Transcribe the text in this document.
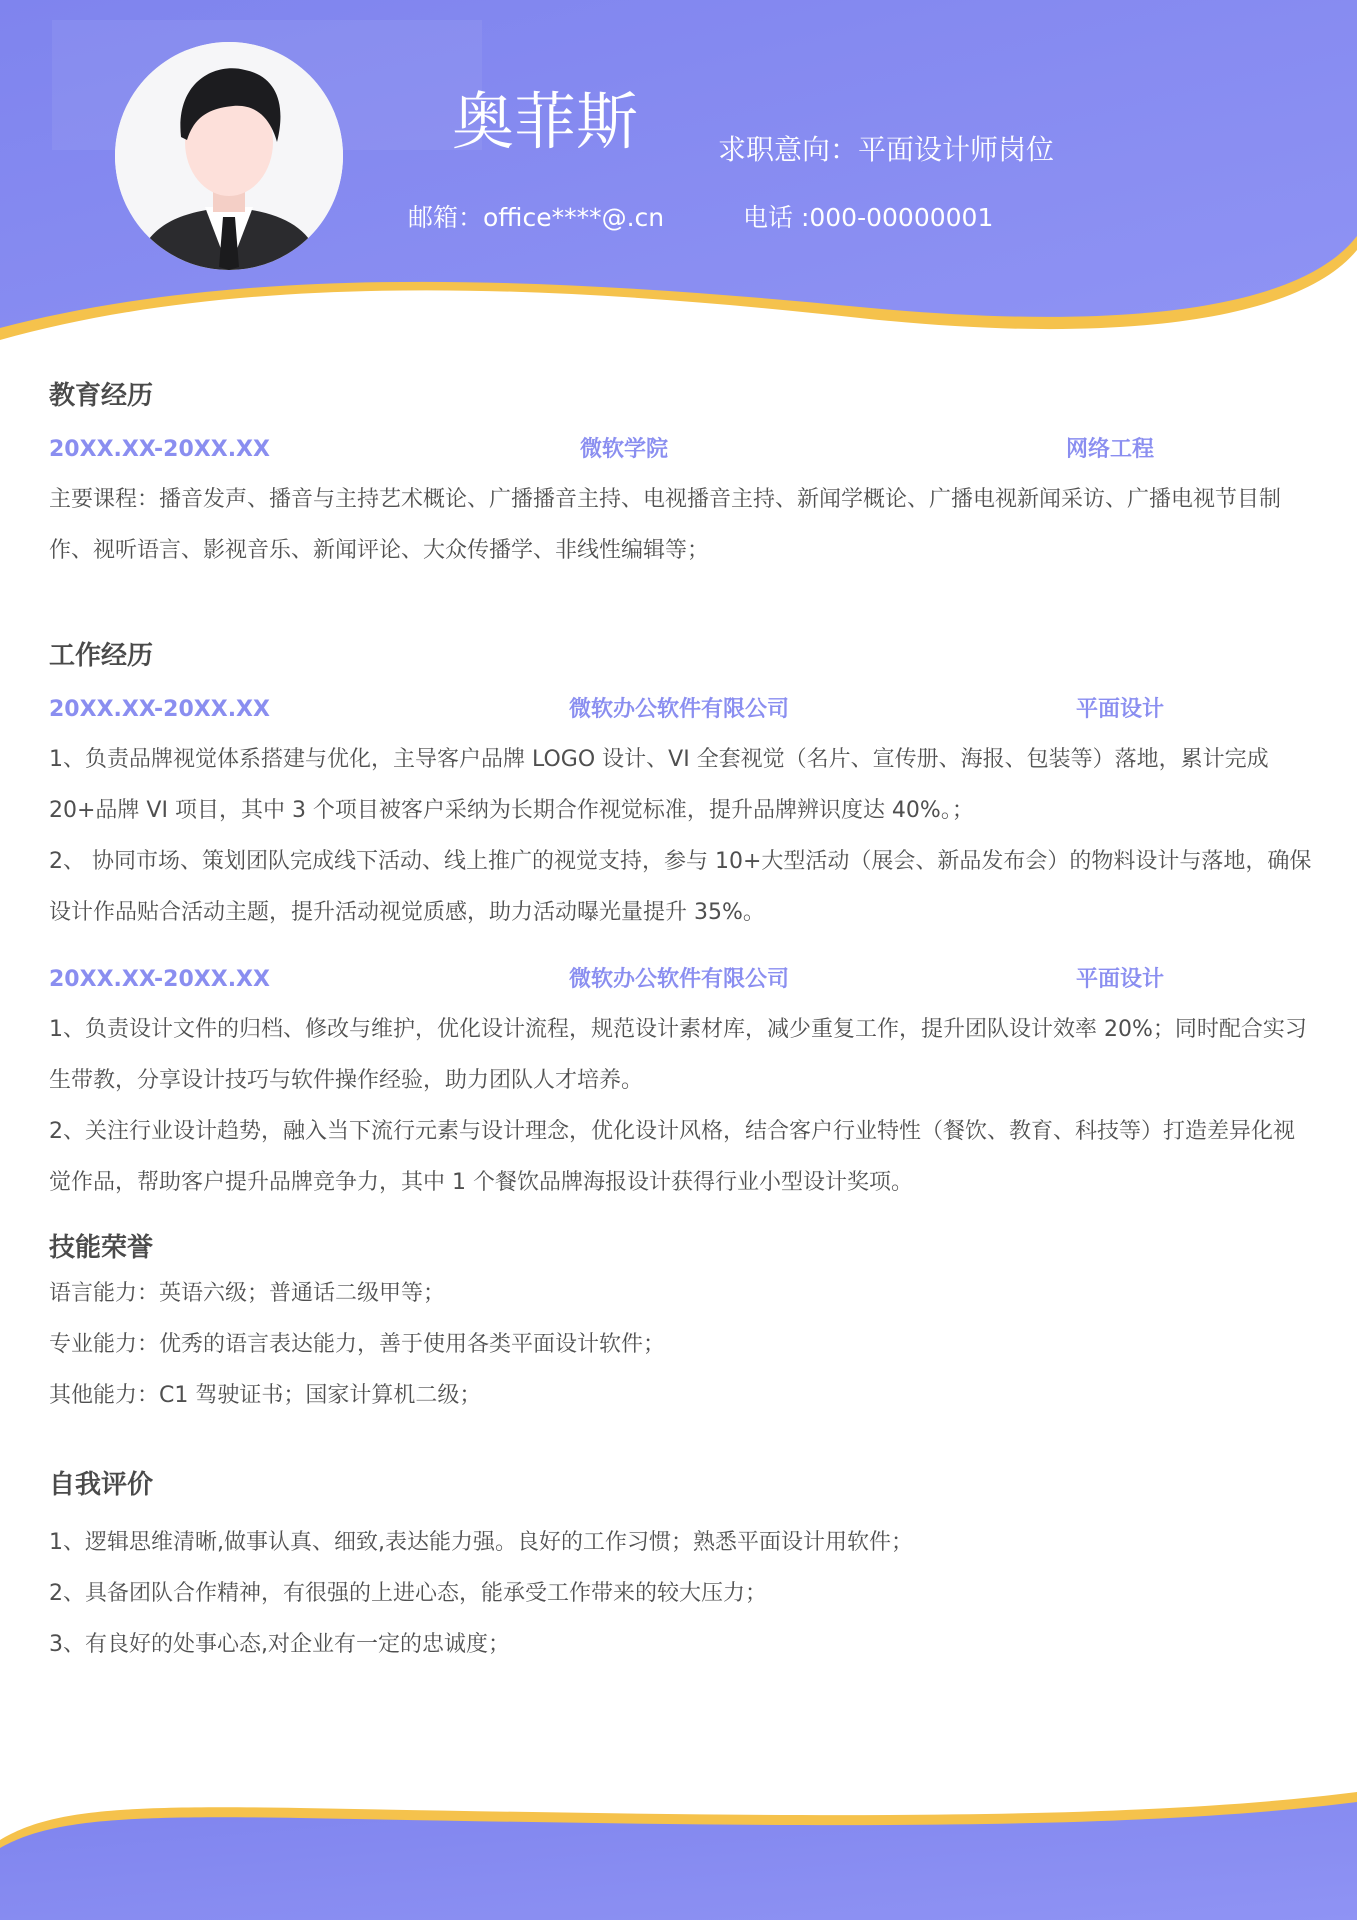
奥菲斯	求职意向：平面设计师岗位
邮箱：office****@.cn	电话 :000-00000001
教育经历
20XX.XX-20XX.XX	微软学院	网络工程

主要课程：播音发声、播音与主持艺术概论、广播播音主持、电视播音主持、新闻学概论、广播电视新闻采访、广播电视节目制作、视听语言、影视音乐、新闻评论、大众传播学、非线性编辑等；

工作经历
20XX.XX-20XX.XX	微软办公软件有限公司	平面设计

1、负责品牌视觉体系搭建与优化，主导客户品牌 LOGO 设计、VI 全套视觉（名片、宣传册、海报、包装等）落地，累计完成 20+品牌 VI 项目，其中 3 个项目被客户采纳为长期合作视觉标准，提升品牌辨识度达 40%。；

2、 协同市场、策划团队完成线下活动、线上推广的视觉支持，参与 10+大型活动（展会、新品发布会）的物料设计与落地，确保设计作品贴合活动主题，提升活动视觉质感，助力活动曝光量提升 35%。

20XX.XX-20XX.XX	微软办公软件有限公司	平面设计

1、负责设计文件的归档、修改与维护，优化设计流程，规范设计素材库，减少重复工作，提升团队设计效率 20%；同时配合实习生带教，分享设计技巧与软件操作经验，助力团队人才培养。

2、关注行业设计趋势，融入当下流行元素与设计理念，优化设计风格，结合客户行业特性（餐饮、教育、科技等）打造差异化视觉作品，帮助客户提升品牌竞争力，其中 1 个餐饮品牌海报设计获得行业小型设计奖项。

技能荣誉

语言能力：英语六级；普通话二级甲等；

专业能力：优秀的语言表达能力，善于使用各类平面设计软件；

其他能力：C1 驾驶证书；国家计算机二级；

自我评价

1、逻辑思维清晰,做事认真、细致,表达能力强。良好的工作习惯；熟悉平面设计用软件；

2、具备团队合作精神，有很强的上进心态，能承受工作带来的较大压力；

3、有良好的处事心态,对企业有一定的忠诚度；
